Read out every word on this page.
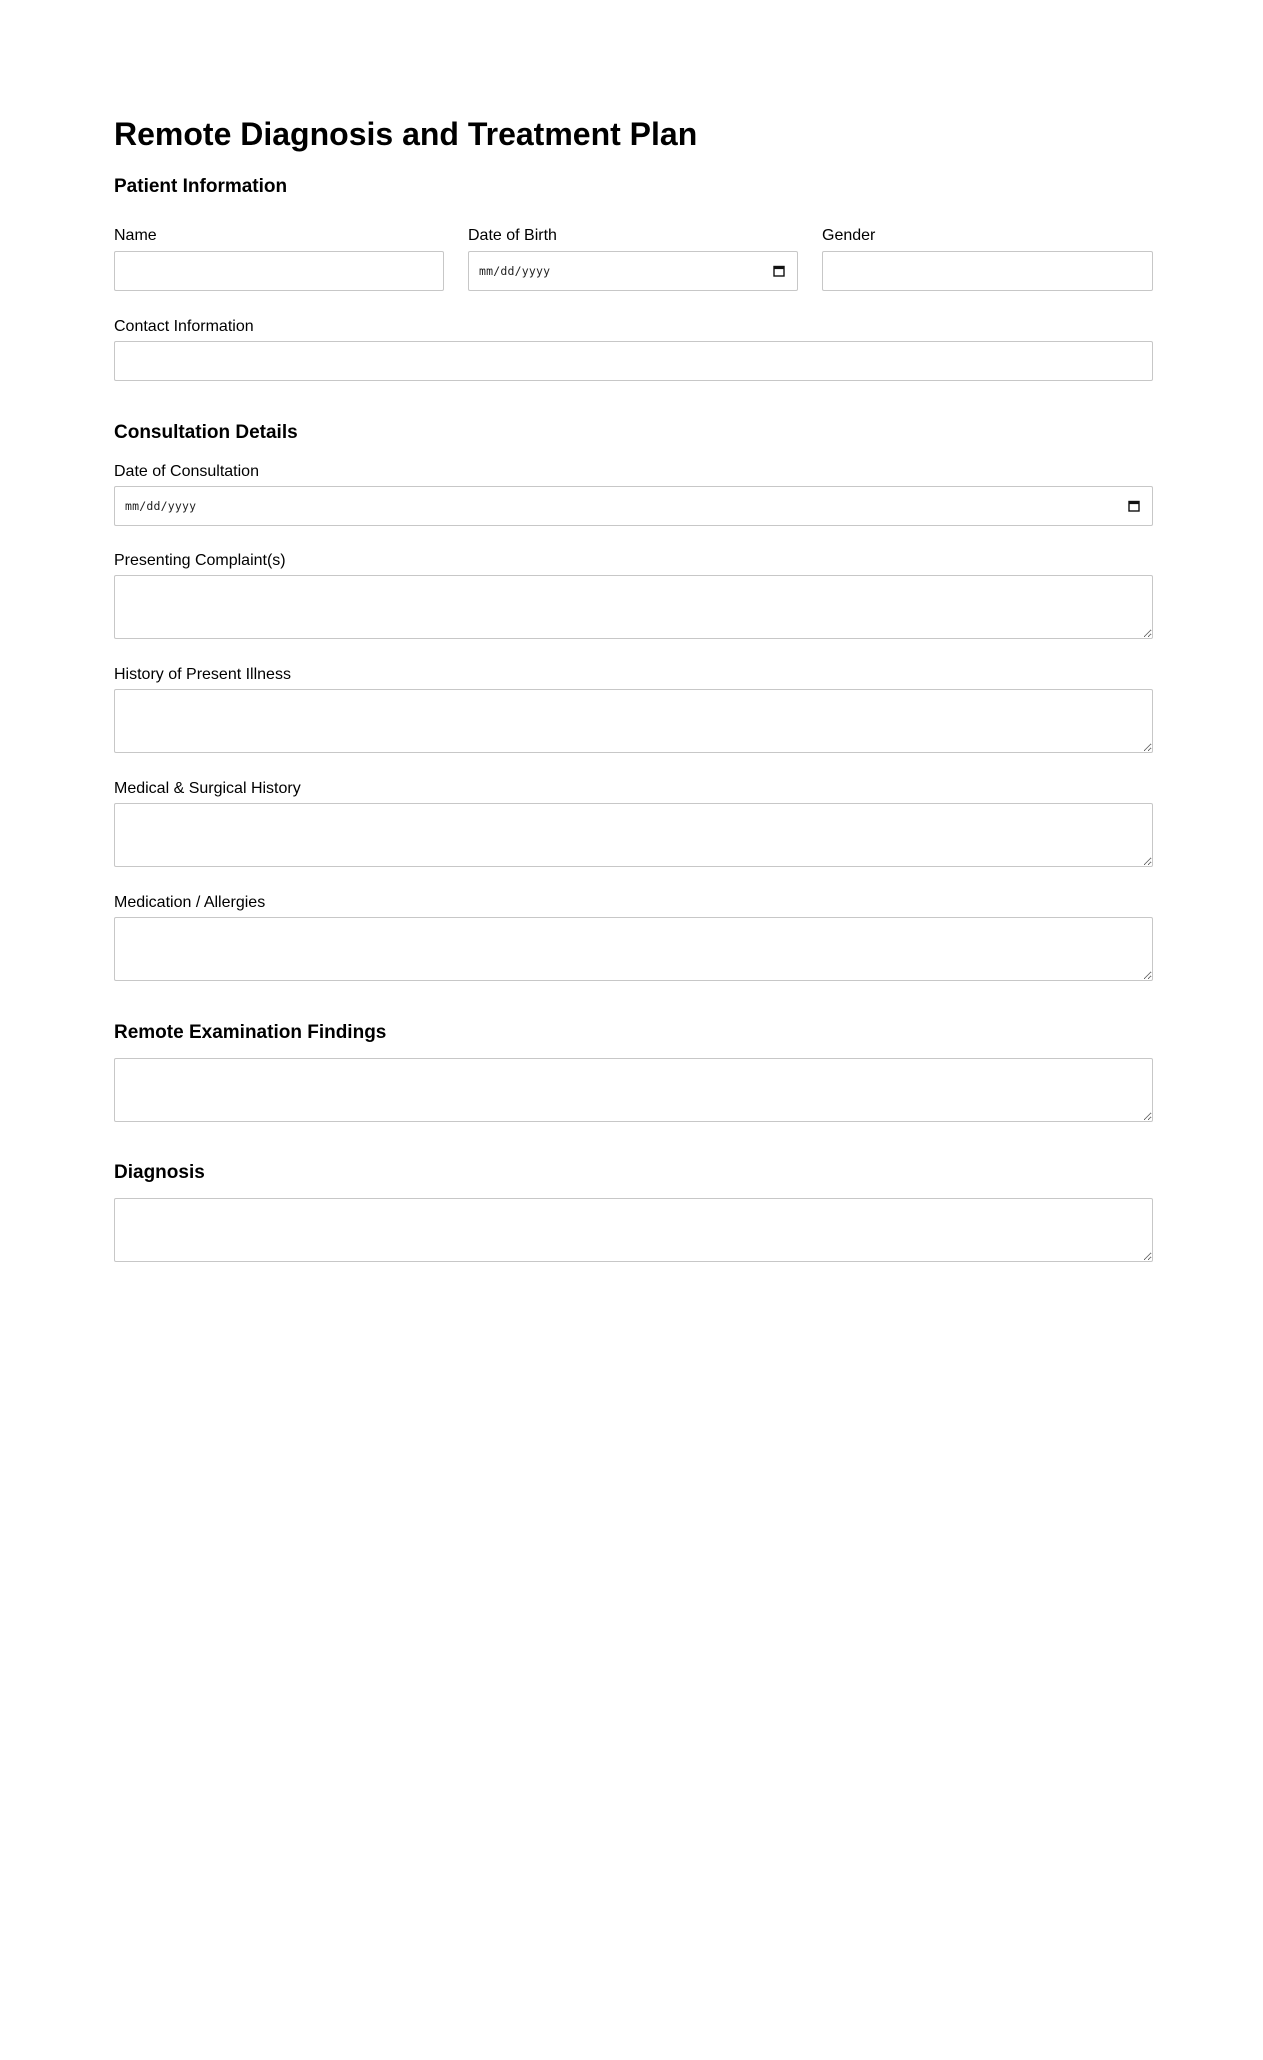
Remote Diagnosis and Treatment Plan
Patient Information
Name	Date of Birth
mm/dd/yyyy
Gender
Contact Information
Consultation Details
Date of Consultation
mm/dd/yyyy
Presenting Complaint(s)
History of Present Illness
Medical & Surgical History
Medication / Allergies
Remote Examination Findings
Diagnosis
